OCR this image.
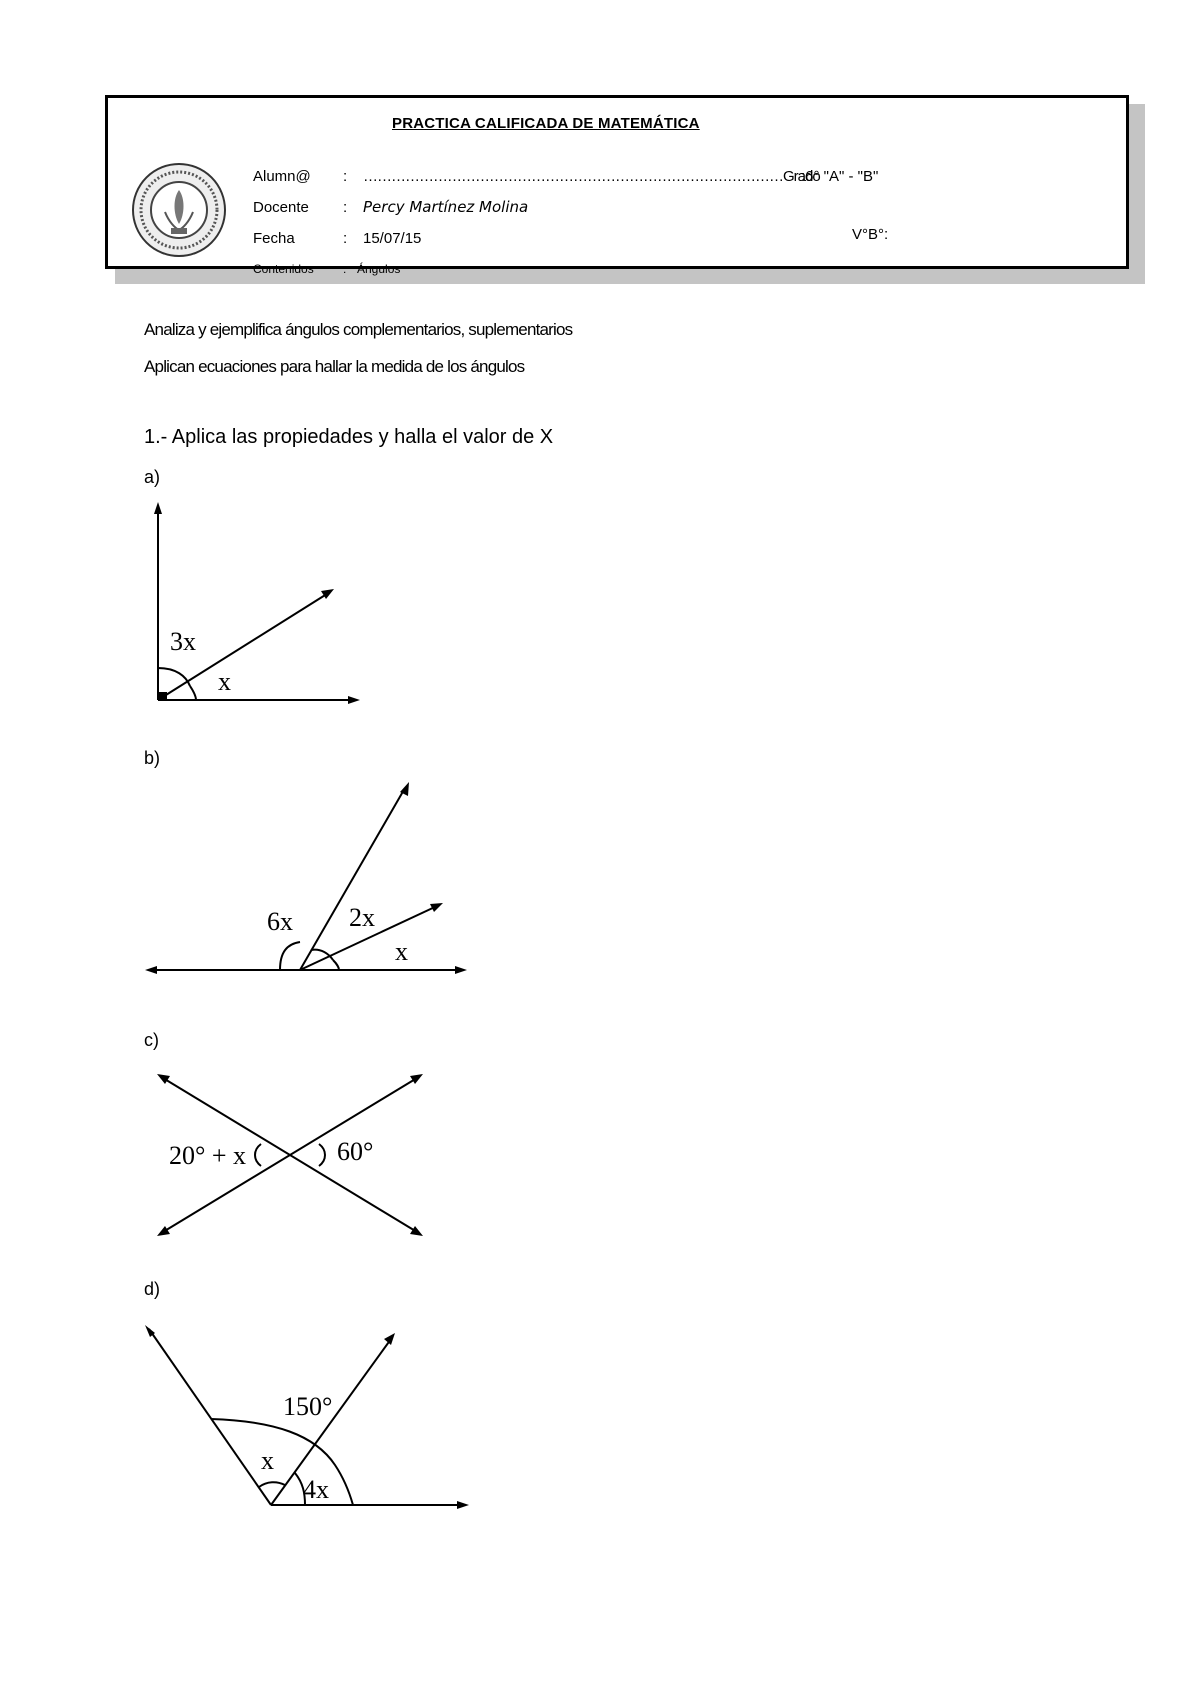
PRACTICA CALIFICADA DE MATEMÁTICA
Alumn@ : ………………………………………………………………………………Grado
:6° "A" - "B"
Docente : Percy Martínez Molina
Fecha	: 15/07/15	V°B°:
Contenidos : Ángulos
Analiza y ejemplifica ángulos complementarios, suplementarios
Aplican ecuaciones para hallar la medida de los ángulos
1.- Aplica las propiedades y halla el valor de X
a)
3x
x
b)
6x 2x
x
c)
20° + x	60°
d)
150°
x
4x
